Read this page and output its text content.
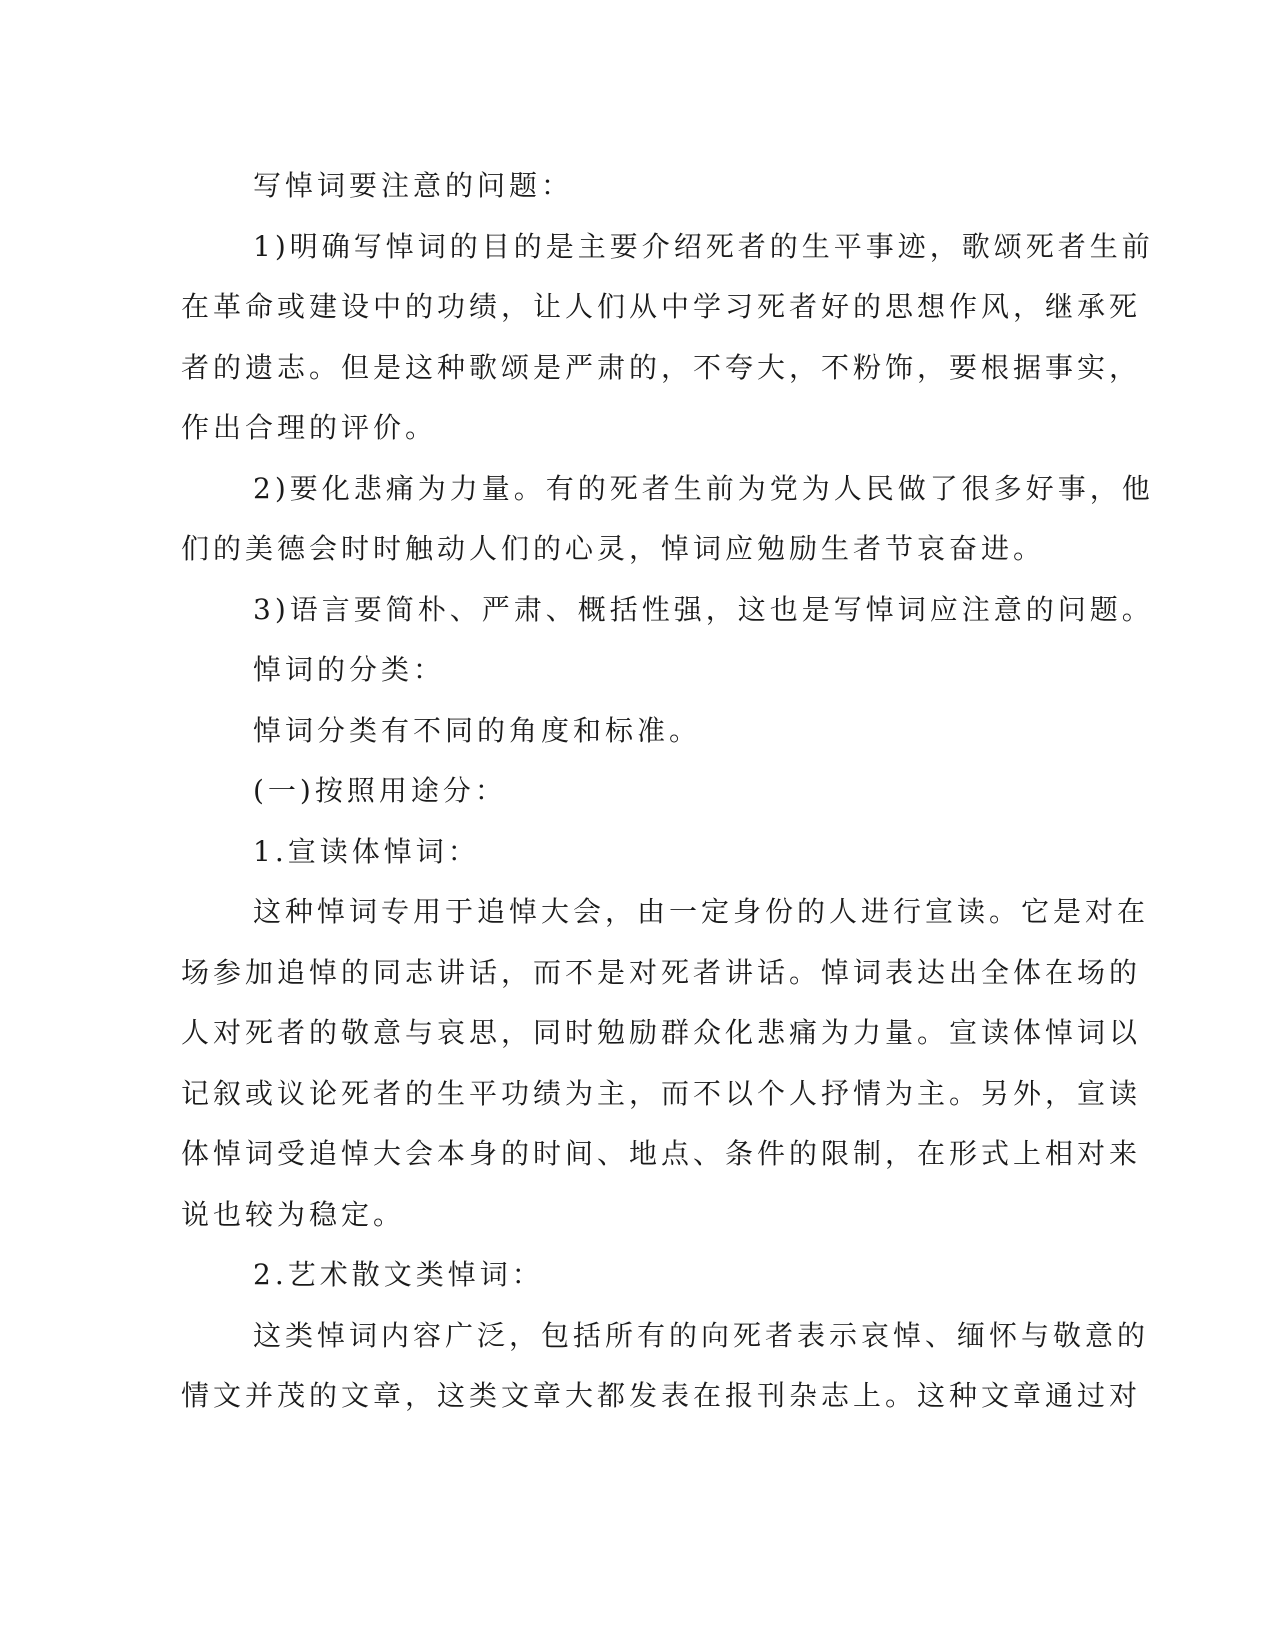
写悼词要注意的问题：

1)明确写悼词的目的是主要介绍死者的生平事迹，歌颂死者生前
在革命或建设中的功绩，让人们从中学习死者好的思想作风，继承死
者的遗志。但是这种歌颂是严肃的，不夸大，不粉饰，要根据事实，
作出合理的评价。

2)要化悲痛为力量。有的死者生前为党为人民做了很多好事，他
们的美德会时时触动人们的心灵，悼词应勉励生者节哀奋进。

3)语言要简朴、严肃、概括性强，这也是写悼词应注意的问题。

悼词的分类：

悼词分类有不同的角度和标准。

(一)按照用途分：

1.宣读体悼词：

这种悼词专用于追悼大会，由一定身份的人进行宣读。它是对在
场参加追悼的同志讲话，而不是对死者讲话。悼词表达出全体在场的
人对死者的敬意与哀思，同时勉励群众化悲痛为力量。宣读体悼词以
记叙或议论死者的生平功绩为主，而不以个人抒情为主。另外，宣读
体悼词受追悼大会本身的时间、地点、条件的限制，在形式上相对来
说也较为稳定。

2.艺术散文类悼词：

这类悼词内容广泛，包括所有的向死者表示哀悼、缅怀与敬意的
情文并茂的文章，这类文章大都发表在报刊杂志上。这种文章通过对
